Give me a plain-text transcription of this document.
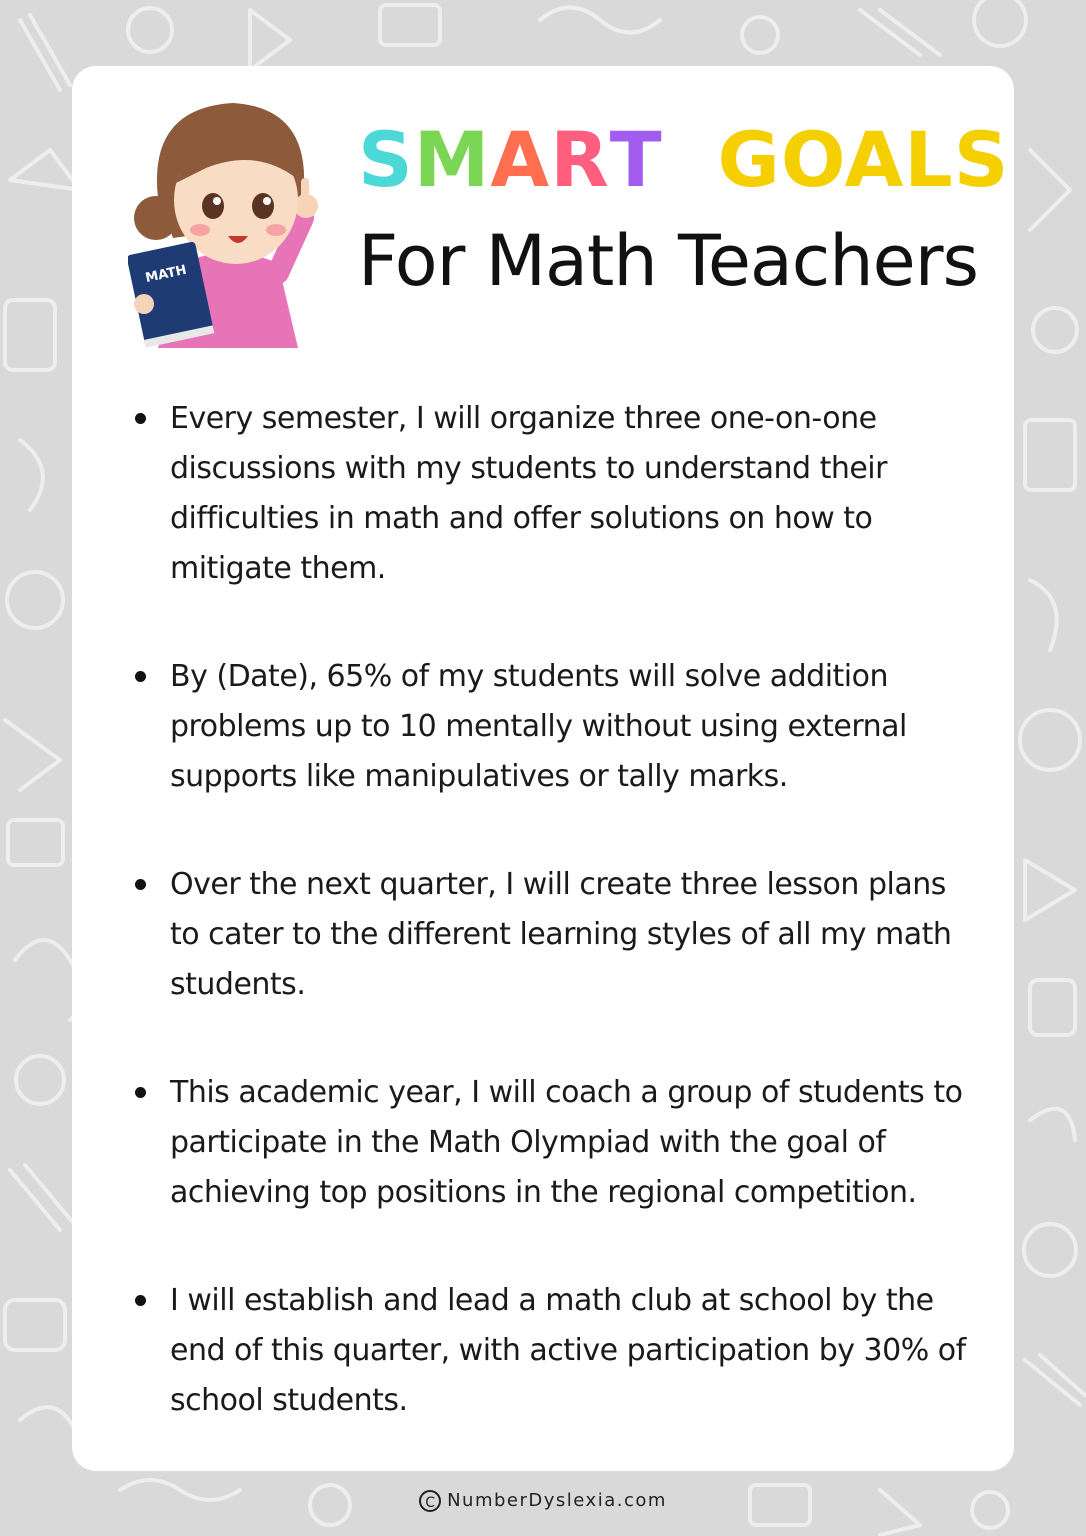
MATH
SMART GOALS
For Math Teachers
Every semester, I will organize three one-on-one discussions with my students to understand their difficulties in math and offer solutions on how to mitigate them.
By (Date), 65% of my students will solve addition problems up to 10 mentally without using external supports like manipulatives or tally marks.
Over the next quarter, I will create three lesson plans to cater to the different learning styles of all my math students.
This academic year, I will coach a group of students to participate in the Math Olympiad with the goal of achieving top positions in the regional competition.
I will establish and lead a math club at school by the end of this quarter, with active participation by 30% of school students.
C NumberDyslexia.com
